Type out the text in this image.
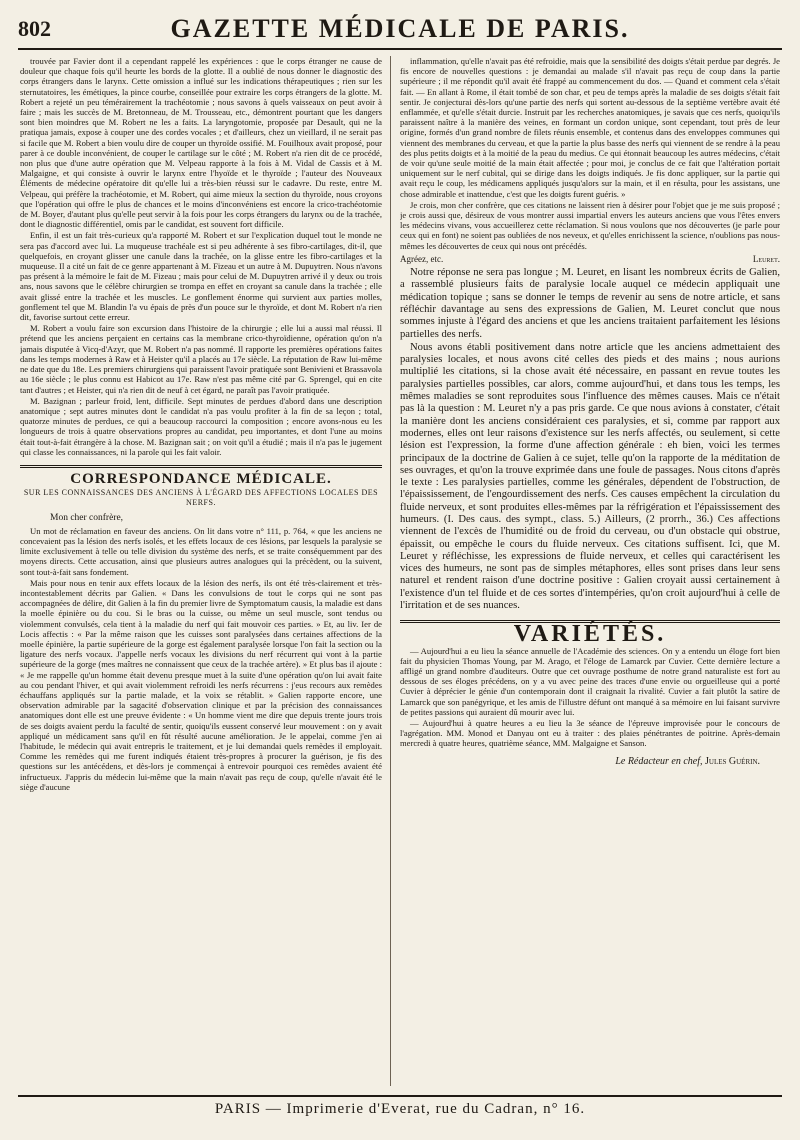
802	GAZETTE MÉDICALE DE PARIS.

trouvée par Favier dont il a cependant rappelé les expériences : que le corps étranger ne cause de douleur que chaque fois qu'il heurte les bords de la glotte. Il a oublié de nous donner le diagnostic des corps étrangers dans le larynx. Cette omission a influé sur les indications thérapeutiques ; rien sur les sternutatoires, les émétiques, la pince courbe, conseillée pour extraire les corps étrangers de la glotte. M. Robert a rejeté un peu témérairement la trachéotomie ; nous savons à quels vaisseaux on peut avoir à faire ; mais les succès de M. Bretonneau, de M. Trousseau, etc., démontrent pourtant que les dangers sont bien moindres que M. Robert ne les a faits. La laryngotomie, proposée par Desault, qui ne la pratiqua jamais, expose à couper une des cordes vocales ; et d'ailleurs, chez un vieillard, il ne serait pas si facile que M. Robert a bien voulu dire de couper un thyroïde ossifié. M. Fouilhoux avait proposé, pour parer à ce double inconvénient, de couper le cartilage sur le côté ; M. Robert n'a rien dit de ce procédé, non plus que d'une autre opération que M. Velpeau rapporte à la fois à M. Vidal de Cassis et à M. Malgaigne, et qui consiste à ouvrir le larynx entre l'hyoïde et le thyroïde ; l'auteur des Nouveaux Éléments de médecine opératoire dit qu'elle lui a très-bien réussi sur le cadavre. Du reste, entre M. Velpeau, qui préfère la trachéotomie, et M. Robert, qui aime mieux la section du thyroïde, nous croyons que l'opération qui offre le plus de chances et le moins d'inconvéniens est encore la crico-trachéotomie de M. Boyer, d'autant plus qu'elle peut servir à la fois pour les corps étrangers du larynx ou de la trachée, dont le diagnostic différentiel, omis par le candidat, est souvent fort difficile.

Enfin, il est un fait très-curieux qu'a rapporté M. Robert et sur l'explication duquel tout le monde ne sera pas d'accord avec lui. La muqueuse trachéale est si peu adhérente à ses fibro-cartilages, dit-il, que quelquefois, en croyant glisser une canule dans la trachée, on la glisse entre les fibro-cartilages et la muqueuse. Il a cité un fait de ce genre appartenant à M. Fizeau et un autre à M. Dupuytren. Nous n'avons pas présent à la mémoire le fait de M. Fizeau ; mais pour celui de M. Dupuytren arrivé il y deux ou trois ans, nous savons que le célèbre chirurgien se trompa en effet en croyant sa canule dans la trachée ; elle avait glissé entre la trachée et les muscles. Le gonflement énorme qui survient aux parties molles, gonflement tel que M. Blandin l'a vu épais de près d'un pouce sur le thyroïde, et dont M. Robert n'a rien dit, favorise surtout cette erreur.

M. Robert a voulu faire son excursion dans l'histoire de la chirurgie ; elle lui a aussi mal réussi. Il prétend que les anciens perçaient en certains cas la membrane crico-thyroïdienne, opération qu'on n'a jamais disputée à Vicq-d'Azyr, que M. Robert n'a pas nommé. Il rapporte les premières opérations faites dans les temps modernes à Raw et à Heister qu'il a placés au 17e siècle. La réputation de Raw lui-même ne date que du 18e. Les premiers chirurgiens qui paraissent l'avoir pratiquée sont Benivieni et Brassavola au 16e siècle ; le plus connu est Habicot au 17e. Raw n'est pas même cité par G. Sprengel, qui en cite tant d'autres ; et Heister, qui n'a rien dit de neuf à cet égard, ne paraît pas l'avoir pratiquée.

M. Bazignan ; parleur froid, lent, difficile. Sept minutes de perdues d'abord dans une description anatomique ; sept autres minutes dont le candidat n'a pas voulu profiter à la fin de sa leçon ; total, quatorze minutes de perdues, ce qui a beaucoup raccourci la composition ; encore avons-nous eu les longueurs de trois à quatre observations propres au candidat, peu importantes, et dont l'une au moins était tout-à-fait étrangère à la chose. M. Bazignan sait ; on voit qu'il a étudié ; mais il n'a pas le jugement qui classe les connaissances, ni la parole qui les fait valoir.

CORRESPONDANCE MÉDICALE.
SUR LES CONNAISSANCES DES ANCIENS À L'ÉGARD DES AFFECTIONS LOCALES DES NERFS.

Mon cher confrère,

Un mot de réclamation en faveur des anciens. On lit dans votre n° 111, p. 764, « que les anciens ne concevaient pas la lésion des nerfs isolés, et les effets locaux de ces lésions, par lesquels la paralysie se limite exclusivement à telle ou telle division du système des nerfs, et se traite conséquemment par des moyens directs. Cette accusation, ainsi que plusieurs autres analogues qui la précèdent, ou la suivent, sont tout-à-fait sans fondement.

Mais pour nous en tenir aux effets locaux de la lésion des nerfs, ils ont été très-clairement et très-incontestablement décrits par Galien. « Dans les convulsions de tout le corps qui ne sont pas accompagnées de délire, dit Galien à la fin du premier livre de Symptomatum causis, la maladie est dans la moelle épinière ou du cou. Si le bras ou la cuisse, ou même un seul muscle, sont tendus ou violemment convulsés, cela tient à la maladie du nerf qui fait mouvoir ces parties. » Et, au liv. Ier de Locis affectis : « Par la même raison que les cuisses sont paralysées dans certaines affections de la moelle épinière, la partie supérieure de la gorge est également paralysée lorsque l'on fait la section ou la ligature des nerfs vocaux. J'appelle nerfs vocaux les divisions du nerf récurrent qui vont à la partie supérieure de la gorge (mes maîtres ne connaissent que ceux de la trachée artère). » Et plus bas il ajoute : « Je me rappelle qu'un homme était devenu presque muet à la suite d'une opération qu'on lui avait faite au cou pendant l'hiver, et qui avait violemment refroidi les nerfs récurrens : j'eus recours aux remèdes échauffans appliqués sur la partie malade, et la voix se rétablit. » Galien rapporte encore, une observation admirable par la sagacité d'observation clinique et par la précision des connaissances anatomiques dont elle est une preuve évidente : « Un homme vient me dire que depuis trente jours trois de ses doigts avaient perdu la faculté de sentir, quoiqu'ils eussent conservé leur mouvement : on y avait appliqué un médicament sans qu'il en fût résulté aucune amélioration. Je le appelai, comme j'en ai l'habitude, le médecin qui avait entrepris le traitement, et je lui demandai quels remèdes il employait. Comme les remèdes qui me furent indiqués étaient très-propres à procurer la guérison, je fis des questions sur les antécédens, et dès-lors je commençai à entrevoir pourquoi ces remèdes avaient été infructueux. J'appris du médecin lui-même que la main n'avait pas reçu de coup, qu'elle n'avait été le siège d'aucune

inflammation, qu'elle n'avait pas été refroidie, mais que la sensibilité des doigts s'était perdue par degrés. Je fis encore de nouvelles questions : je demandai au malade s'il n'avait pas reçu de coup dans la partie supérieure ; il me répondit qu'il avait été frappé au commencement du dos. — Quand et comment cela s'était fait. — En allant à Rome, il était tombé de son char, et peu de temps après la maladie de ses doigts s'était fait sentir. Je conjecturai dès-lors qu'une partie des nerfs qui sortent au-dessous de la septième vertèbre avait été enflammée, et qu'elle s'était durcie. Instruit par les recherches anatomiques, je savais que ces nerfs, quoiqu'ils paraissent naître à la manière des veines, en formant un cordon unique, sont cependant, tout près de leur origine, formés d'un grand nombre de filets réunis ensemble, et contenus dans des enveloppes communes qui viennent des membranes du cerveau, et que la partie la plus basse des nerfs qui viennent de se rendre à la peau des plus petits doigts et à la moitié de la peau du medius. Ce qui étonnait beaucoup les autres médecins, c'était de voir qu'une seule moitié de la main était affectée ; pour moi, je conclus de ce fait que l'altération portait uniquement sur le nerf cubital, qui se dirige dans les doigts indiqués. Je fis donc appliquer, sur la partie qui avait reçu le coup, les médicamens appliqués jusqu'alors sur la main, et il en résulta, pour les assistans, une chose admirable et inattendue, c'est que les doigts furent guéris. »

Je crois, mon cher confrère, que ces citations ne laissent rien à désirer pour l'objet que je me suis proposé ; je crois aussi que, désireux de vous montrer aussi impartial envers les auteurs anciens que vous l'êtes envers les médecins vivans, vous accueillerez cette réclamation. Si nous voulons que nos découvertes (je parle pour ceux qui en font) ne soient pas oubliées de nos neveux, et qu'elles enrichissent la science, n'oublions pas nous-mêmes les découvertes de ceux qui nous ont précédés.

Agréez, etc.	Leuret.

Notre réponse ne sera pas longue ; M. Leuret, en lisant les nombreux écrits de Galien, a rassemblé plusieurs faits de paralysie locale auquel ce médecin appliquait une médication topique ; sans se donner le temps de revenir au sens de notre article, et sans réfléchir davantage au sens des expressions de Galien, M. Leuret conclut que nous sommes injuste à l'égard des anciens et que les anciens traitaient parfaitement les lésions partielles des nerfs.

Nous avons établi positivement dans notre article que les anciens admettaient des paralysies locales, et nous avons cité celles des pieds et des mains ; nous aurions multiplié les citations, si la chose avait été nécessaire, en passant en revue toutes les paralysies partielles possibles, car alors, comme aujourd'hui, et dans tous les temps, les mêmes maladies se sont reproduites sous l'influence des mêmes causes. Mais ce n'était pas là la question : M. Leuret n'y a pas pris garde. Ce que nous avions à constater, c'était la manière dont les anciens considéraient ces paralysies, et si, comme par rapport aux modernes, elles ont leur raisons d'existence sur les nerfs affectés, ou seulement, si cette lésion est l'expression, la forme d'une affection générale : eh bien, voici les termes principaux de la doctrine de Galien à ce sujet, telle qu'on la rapporte de la méditation de ses ouvrages, et qu'on la trouve exprimée dans une foule de passages. Nous citons d'après le texte : Les paralysies partielles, comme les générales, dépendent de l'obstruction, de l'épaississement, de l'engourdissement des nerfs. Ces causes empêchent la circulation du fluide nerveux, et sont produites elles-mêmes par la réfrigération et l'épaississement des humeurs. (I. Des caus. des sympt., class. 5.) Ailleurs, (2 prorrh., 36.) Ces affections viennent de l'excès de l'humidité ou de froid du cerveau, ou d'un obstacle qui obstrue, épaissit, ou empêche le cours du fluide nerveux. Ces citations suffisent. Ici, que M. Leuret y réfléchisse, les expressions de fluide nerveux, et celles qui caractérisent les vices des humeurs, ne sont pas de simples métaphores, elles sont prises dans leur sens naturel et rendent raison d'une doctrine positive : Galien croyait aussi certainement à l'existence d'un tel fluide et de ces sortes d'intempéries, qu'on croit aujourd'hui à celle de l'irritation et de ses nuances.

VARIÉTÉS.

— Aujourd'hui a eu lieu la séance annuelle de l'Académie des sciences. On y a entendu un éloge fort bien fait du physicien Thomas Young, par M. Arago, et l'éloge de Lamarck par Cuvier. Cette dernière lecture a affligé un grand nombre d'auditeurs. Outre que cet ouvrage posthume de notre grand naturaliste est fort au dessous de ses éloges précédens, on y a vu avec peine des traces d'une envie ou orgueilleuse qui a porté Cuvier à déprécier le génie d'un contemporain dont il craignait la rivalité. Cuvier a fait plutôt la satire de Lamarck que son panégyrique, et les amis de l'illustre défunt ont manqué à sa mémoire en lui faisant survivre de petites passions qui auraient dû mourir avec lui.

— Aujourd'hui à quatre heures a eu lieu la 3e séance de l'épreuve improvisée pour le concours de l'agrégation. MM. Monod et Danyau ont eu à traiter : des plaies pénétrantes de poitrine. Après-demain mercredi à quatre heures, quatrième séance, MM. Malgaigne et Sanson.

Le Rédacteur en chef, Jules Guérin.
PARIS — Imprimerie d'Everat, rue du Cadran, n° 16.
